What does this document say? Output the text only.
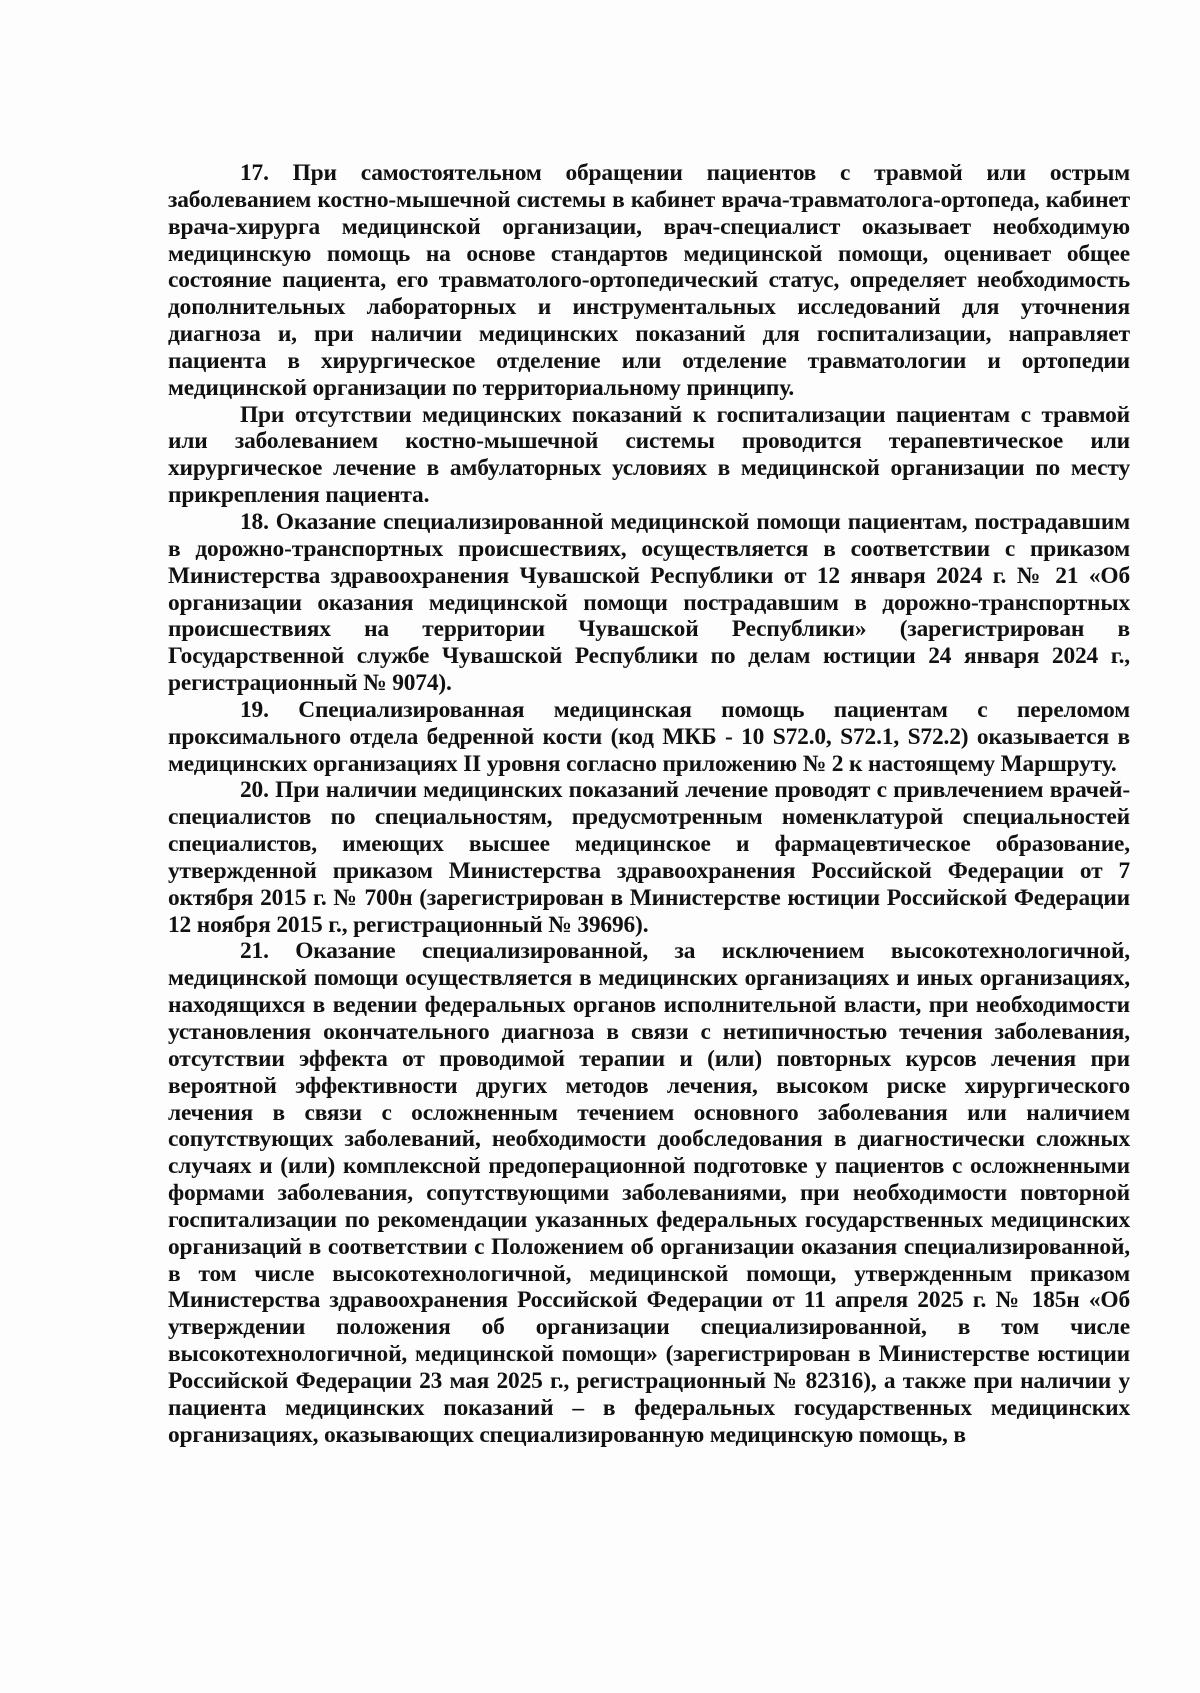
17. При самостоятельном обращении пациентов с травмой или острым заболеванием костно-мышечной системы в кабинет врача-травматолога-ортопеда, кабинет врача-хирурга медицинской организации, врач-специалист оказывает необходимую медицинскую помощь на основе стандартов медицинской помощи, оценивает общее состояние пациента, его травматолого-ортопедический статус, определяет необходимость дополнительных лабораторных и инструментальных исследований для уточнения диагноза и, при наличии медицинских показаний для госпитализации, направляет пациента в хирургическое отделение или отделение травматологии и ортопедии медицинской организации по территориальному принципу.

При отсутствии медицинских показаний к госпитализации пациентам с травмой или заболеванием костно-мышечной системы проводится терапевтическое или хирургическое лечение в амбулаторных условиях в медицинской организации по месту прикрепления пациента.

18. Оказание специализированной медицинской помощи пациентам, пострадавшим в дорожно-транспортных происшествиях, осуществляется в соответствии с приказом Министерства здравоохранения Чувашской Республики от 12 января 2024 г. № 21 «Об организации оказания медицинской помощи пострадавшим в дорожно-транспортных происшествиях на территории Чувашской Республики» (зарегистрирован в Государственной службе Чувашской Республики по делам юстиции 24 января 2024 г., регистрационный № 9074).

19. Специализированная медицинская помощь пациентам с переломом проксимального отдела бедренной кости (код МКБ - 10 S72.0, S72.1, S72.2) оказывается в медицинских организациях II уровня согласно приложению № 2 к настоящему Маршруту.

20. При наличии медицинских показаний лечение проводят с привлечением врачей-специалистов по специальностям, предусмотренным номенклатурой специальностей специалистов, имеющих высшее медицинское и фармацевтическое образование, утвержденной приказом Министерства здравоохранения Российской Федерации от 7 октября 2015 г. № 700н (зарегистрирован в Министерстве юстиции Российской Федерации 12 ноября 2015 г., регистрационный № 39696).

21. Оказание специализированной, за исключением высокотехнологичной, медицинской помощи осуществляется в медицинских организациях и иных организациях, находящихся в ведении федеральных органов исполнительной власти, при необходимости установления окончательного диагноза в связи с нетипичностью течения заболевания, отсутствии эффекта от проводимой терапии и (или) повторных курсов лечения при вероятной эффективности других методов лечения, высоком риске хирургического лечения в связи с осложненным течением основного заболевания или наличием сопутствующих заболеваний, необходимости дообследования в диагностически сложных случаях и (или) комплексной предоперационной подготовке у пациентов с осложненными формами заболевания, сопутствующими заболеваниями, при необходимости повторной госпитализации по рекомендации указанных федеральных государственных медицинских организаций в соответствии с Положением об организации оказания специализированной, в том числе высокотехнологичной, медицинской помощи, утвержденным приказом Министерства здравоохранения Российской Федерации от 11 апреля 2025 г. № 185н «Об утверждении положения об организации специализированной, в том числе высокотехнологичной, медицинской помощи» (зарегистрирован в Министерстве юстиции Российской Федерации 23 мая 2025 г., регистрационный № 82316), а также при наличии у пациента медицинских показаний – в федеральных государственных медицинских организациях, оказывающих специализированную медицинскую помощь, в
